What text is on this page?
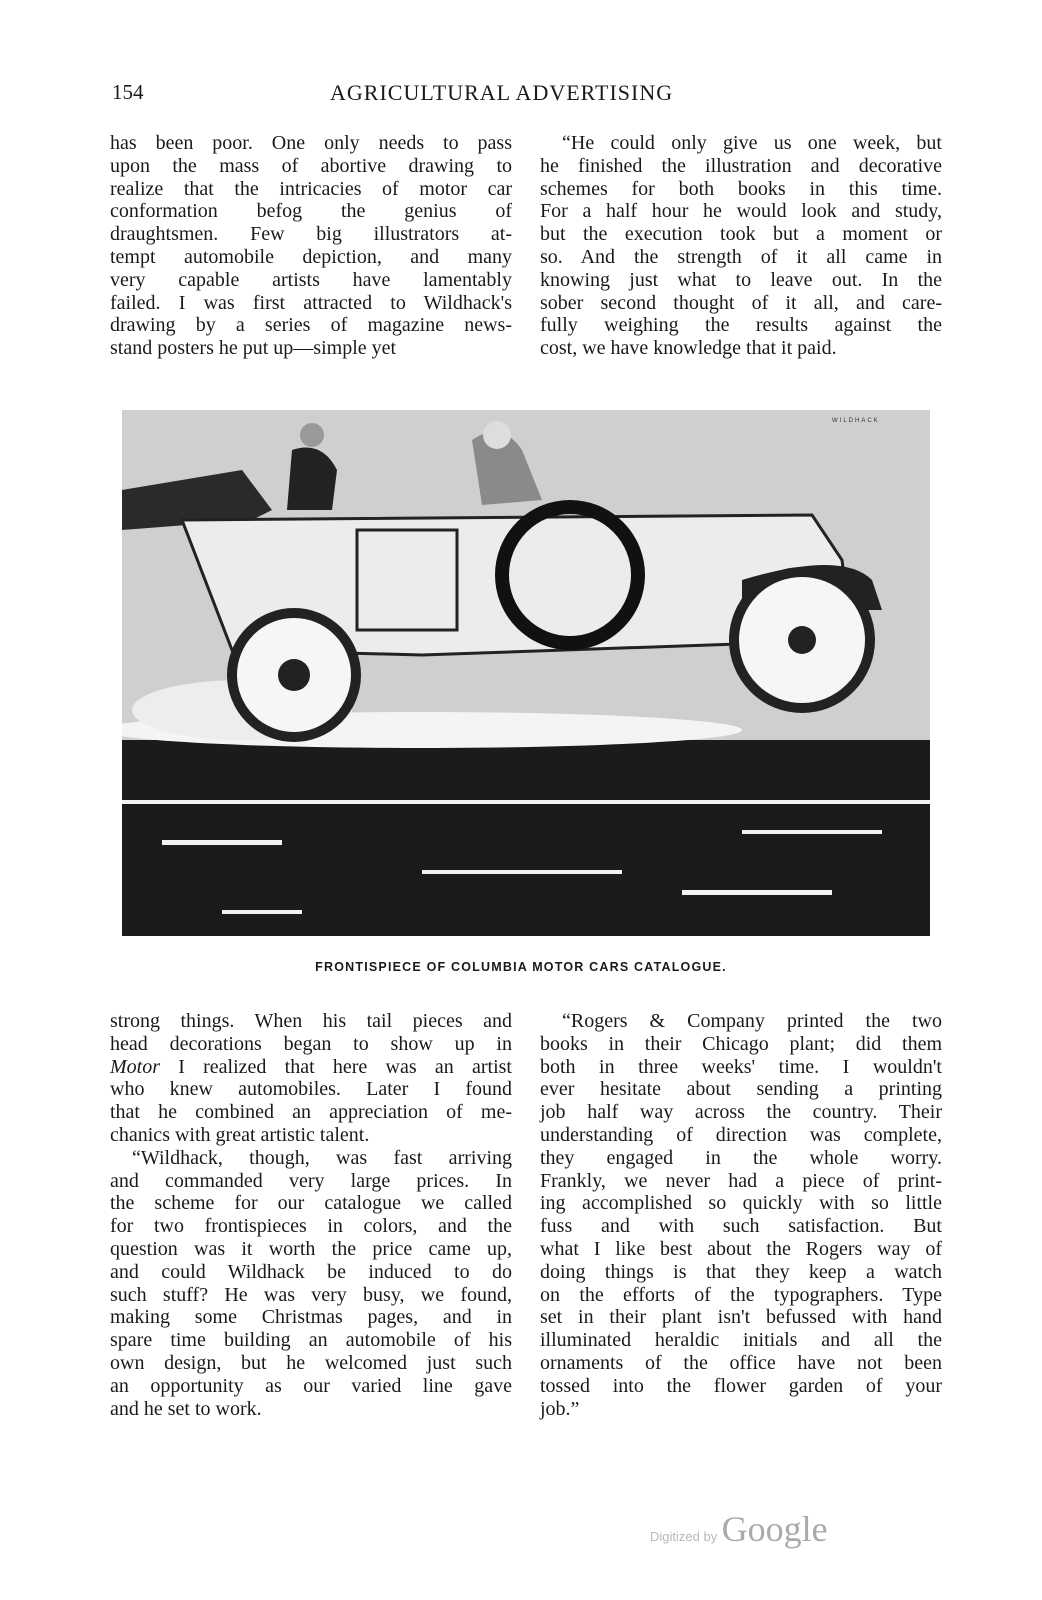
154	AGRICULTURAL ADVERTISING
has been poor. One only needs to pass
upon the mass of abortive drawing to
realize that the intricacies of motor car
conformation befog the genius of
draughtsmen. Few big illustrators at-
tempt automobile depiction, and many
very capable artists have lamentably
failed. I was first attracted to Wildhack's
drawing by a series of magazine news-
stand posters he put up—simple yet
“He could only give us one week, but
he finished the illustration and decorative
schemes for both books in this time.
For a half hour he would look and study,
but the execution took but a moment or
so. And the strength of it all came in
knowing just what to leave out. In the
sober second thought of it all, and care-
fully weighing the results against the
cost, we have knowledge that it paid.
WILDHACK
FRONTISPIECE OF COLUMBIA MOTOR CARS CATALOGUE.
strong things. When his tail pieces and
head decorations began to show up in
Motor I realized that here was an artist
who knew automobiles. Later I found
that he combined an appreciation of me-
chanics with great artistic talent.
“Wildhack, though, was fast arriving
and commanded very large prices. In
the scheme for our catalogue we called
for two frontispieces in colors, and the
question was it worth the price came up,
and could Wildhack be induced to do
such stuff? He was very busy, we found,
making some Christmas pages, and in
spare time building an automobile of his
own design, but he welcomed just such
an opportunity as our varied line gave
and he set to work.
“Rogers & Company printed the two
books in their Chicago plant; did them
both in three weeks' time. I wouldn't
ever hesitate about sending a printing
job half way across the country. Their
understanding of direction was complete,
they engaged in the whole worry.
Frankly, we never had a piece of print-
ing accomplished so quickly with so little
fuss and with such satisfaction. But
what I like best about the Rogers way of
doing things is that they keep a watch
on the efforts of the typographers. Type
set in their plant isn't befussed with hand
illuminated heraldic initials and all the
ornaments of the office have not been
tossed into the flower garden of your
job.”
Digitized by Google
